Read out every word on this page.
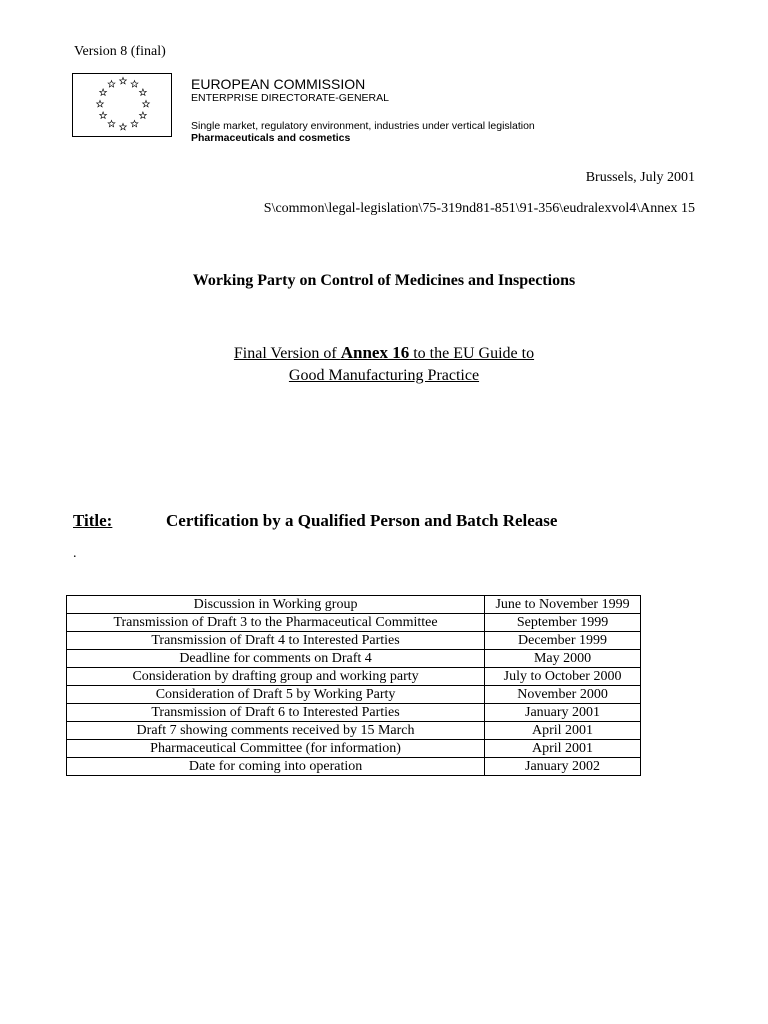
Version 8 (final)
EUROPEAN COMMISSION
ENTERPRISE DIRECTORATE-GENERAL
Single market, regulatory environment, industries under vertical legislation
Pharmaceuticals and cosmetics
Brussels, July 2001
S\common\legal-legislation\75-319nd81-851\91-356\eudralexvol4\Annex 15
Working Party on Control of Medicines and Inspections
Final Version of Annex 16 to the EU Guide to
Good Manufacturing Practice
Title:	Certification by a Qualified Person and Batch Release
.
Discussion in Working group	June to November 1999
Transmission of Draft 3 to the Pharmaceutical Committee	September 1999
Transmission of Draft 4 to Interested Parties	December 1999
Deadline for comments on Draft 4	May 2000
Consideration by drafting group and working party	July to October 2000
Consideration of Draft 5 by Working Party	November 2000
Transmission of Draft 6 to Interested Parties	January 2001
Draft 7 showing comments received by 15 March	April 2001
Pharmaceutical Committee (for information)	April 2001
Date for coming into operation	January 2002
